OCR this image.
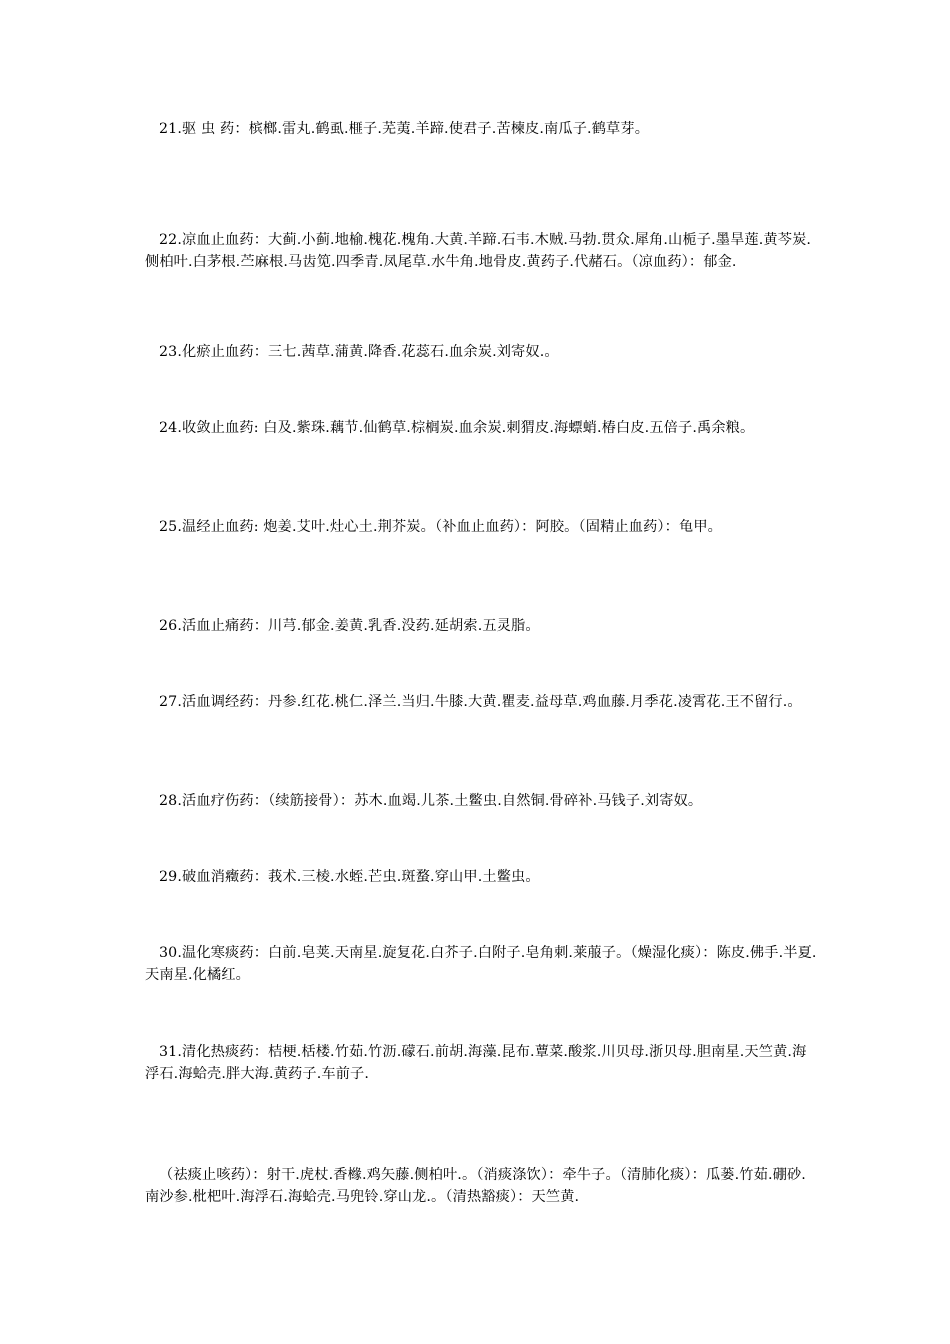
21.驱 虫 药：槟榔.雷丸.鹤虱.榧子.芜荑.羊蹄.使君子.苦楝皮.南瓜子.鹤草芽。

22.凉血止血药：大蓟.小蓟.地榆.槐花.槐角.大黄.羊蹄.石韦.木贼.马勃.贯众.犀角.山栀子.墨旱莲.黄芩炭.侧柏叶.白茅根.苎麻根.马齿笕.四季青.凤尾草.水牛角.地骨皮.黄药子.代赭石。（凉血药）：郁金.

23.化瘀止血药：三七.茜草.蒲黄.降香.花蕊石.血余炭.刘寄奴.。

24.收敛止血药: 白及.紫珠.藕节.仙鹤草.棕榈炭.血余炭.刺猬皮.海螵蛸.椿白皮.五倍子.禹余粮。

25.温经止血药: 炮姜.艾叶.灶心土.荆芥炭。（补血止血药）：阿胶。（固精止血药）：龟甲。

26.活血止痛药：川芎.郁金.姜黄.乳香.没药.延胡索.五灵脂。

27.活血调经药：丹参.红花.桃仁.泽兰.当归.牛膝.大黄.瞿麦.益母草.鸡血藤.月季花.凌霄花.王不留行.。

28.活血疗伤药：（续筋接骨）：苏木.血竭.儿茶.土鳖虫.自然铜.骨碎补.马钱子.刘寄奴。

29.破血消癥药：莪术.三棱.水蛭.芒虫.斑蝥.穿山甲.土鳖虫。

30.温化寒痰药：白前.皂荚.天南星.旋复花.白芥子.白附子.皂角刺.莱菔子。（燥湿化痰）：陈皮.佛手.半夏.天南星.化橘红。

31.清化热痰药：桔梗.栝楼.竹茹.竹沥.礞石.前胡.海藻.昆布.蕈菜.酸浆.川贝母.浙贝母.胆南星.天竺黄.海浮石.海蛤壳.胖大海.黄药子.车前子.

（祛痰止咳药）：射干.虎杖.香橼.鸡矢藤.侧柏叶.。（消痰涤饮）：牵牛子。（清肺化痰）：瓜蒌.竹茹.硼砂.南沙参.枇杷叶.海浮石.海蛤壳.马兜铃.穿山龙.。（清热豁痰）：天竺黄.
